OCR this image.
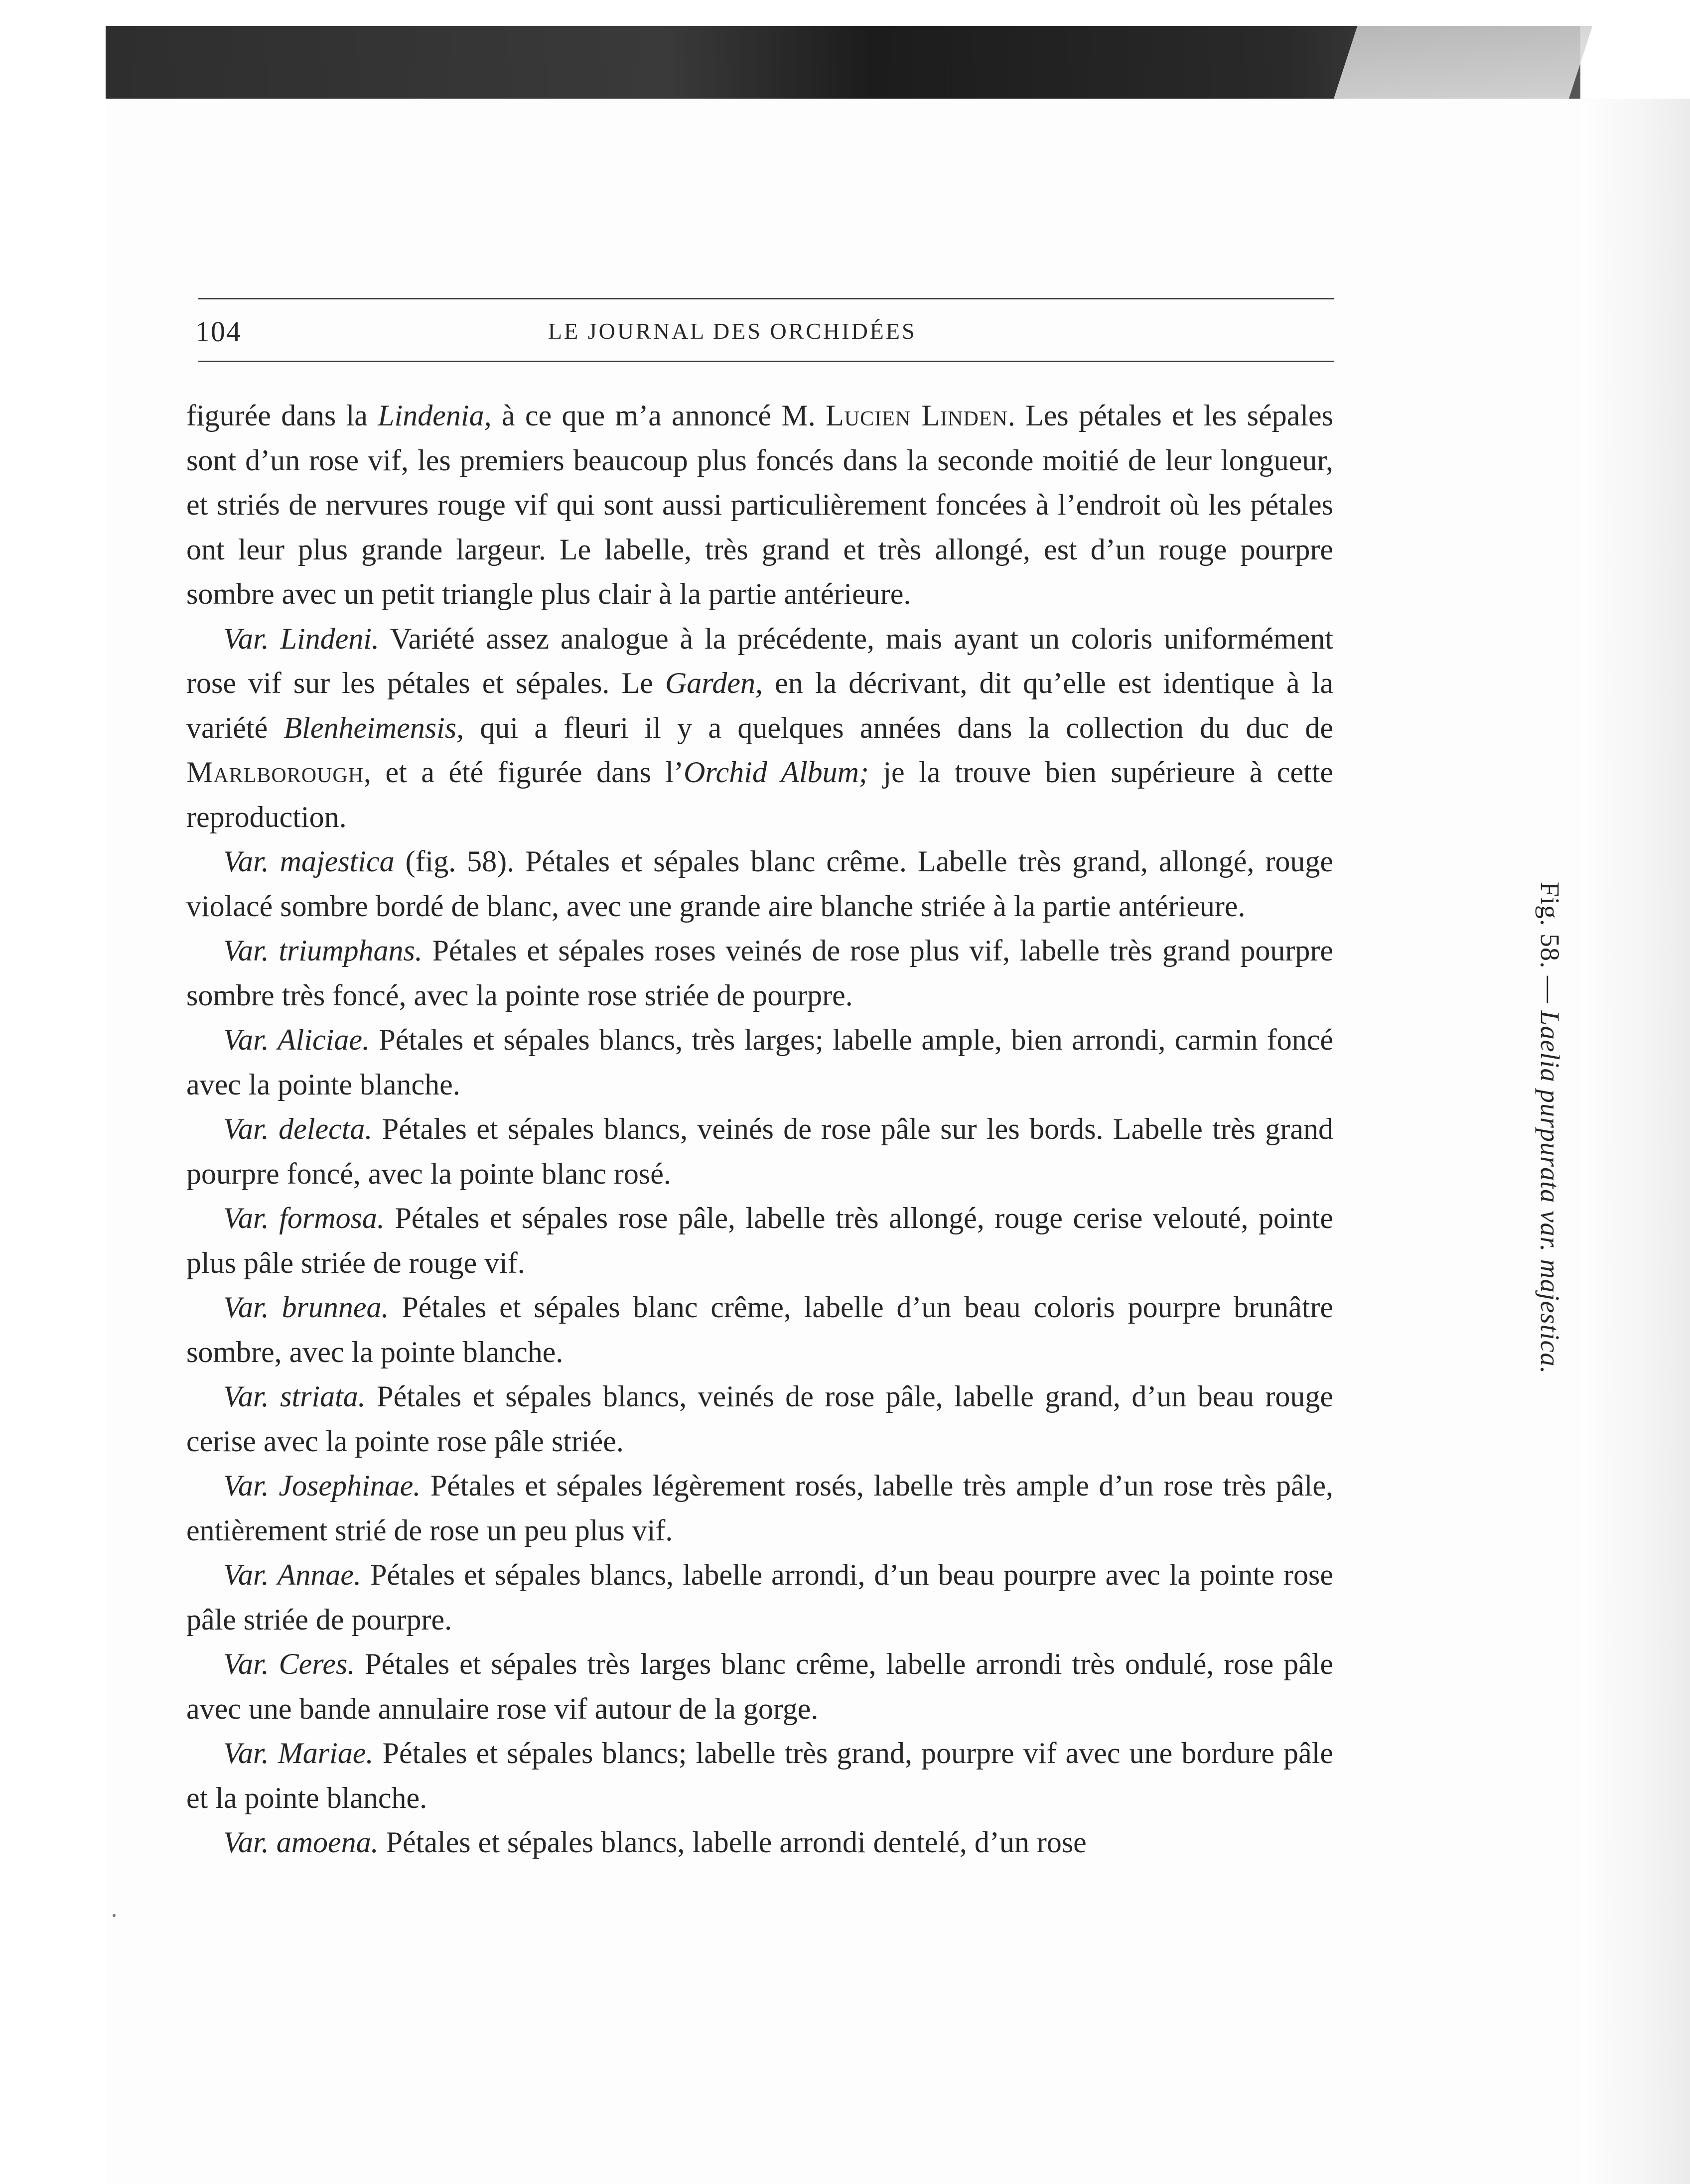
104	LE JOURNAL DES ORCHIDÉES

figurée dans la Lindenia, à ce que m’a annoncé M. Lucien Linden. Les pétales et les sépales sont d’un rose vif, les premiers beaucoup plus foncés dans la seconde moitié de leur longueur, et striés de nervures rouge vif qui sont aussi particulièrement foncées à l’endroit où les pétales ont leur plus grande largeur. Le labelle, très grand et très allongé, est d’un rouge pourpre sombre avec un petit triangle plus clair à la partie antérieure.

Var. Lindeni. Variété assez analogue à la précédente, mais ayant un coloris uniformément rose vif sur les pétales et sépales. Le Garden, en la décrivant, dit qu’elle est identique à la variété Blenheimensis, qui a fleuri il y a quelques années dans la collection du duc de Marlborough, et a été figurée dans l’Orchid Album; je la trouve bien supérieure à cette reproduction.

Var. majestica (fig. 58). Pétales et sépales blanc crême. Labelle très grand, allongé, rouge violacé sombre bordé de blanc, avec une grande aire blanche striée à la partie antérieure.

Var. triumphans. Pétales et sépales roses veinés de rose plus vif, labelle très grand pourpre sombre très foncé, avec la pointe rose striée de pourpre.

Var. Aliciae. Pétales et sépales blancs, très larges; labelle ample, bien arrondi, carmin foncé avec la pointe blanche.

Var. delecta. Pétales et sépales blancs, veinés de rose pâle sur les bords. Labelle très grand pourpre foncé, avec la pointe blanc rosé.

Var. formosa. Pétales et sépales rose pâle, labelle très allongé, rouge cerise velouté, pointe plus pâle striée de rouge vif.

Var. brunnea. Pétales et sépales blanc crême, labelle d’un beau coloris pourpre brunâtre sombre, avec la pointe blanche.

Var. striata. Pétales et sépales blancs, veinés de rose pâle, labelle grand, d’un beau rouge cerise avec la pointe rose pâle striée.

Var. Josephinae. Pétales et sépales légèrement rosés, labelle très ample d’un rose très pâle, entièrement strié de rose un peu plus vif.

Var. Annae. Pétales et sépales blancs, labelle arrondi, d’un beau pourpre avec la pointe rose pâle striée de pourpre.

Var. Ceres. Pétales et sépales très larges blanc crême, labelle arrondi très ondulé, rose pâle avec une bande annulaire rose vif autour de la gorge.

Var. Mariae. Pétales et sépales blancs; labelle très grand, pourpre vif avec une bordure pâle et la pointe blanche.

Var. amoena. Pétales et sépales blancs, labelle arrondi dentelé, d’un rose

Fig. 58. — Laelia purpurata var. majestica.
